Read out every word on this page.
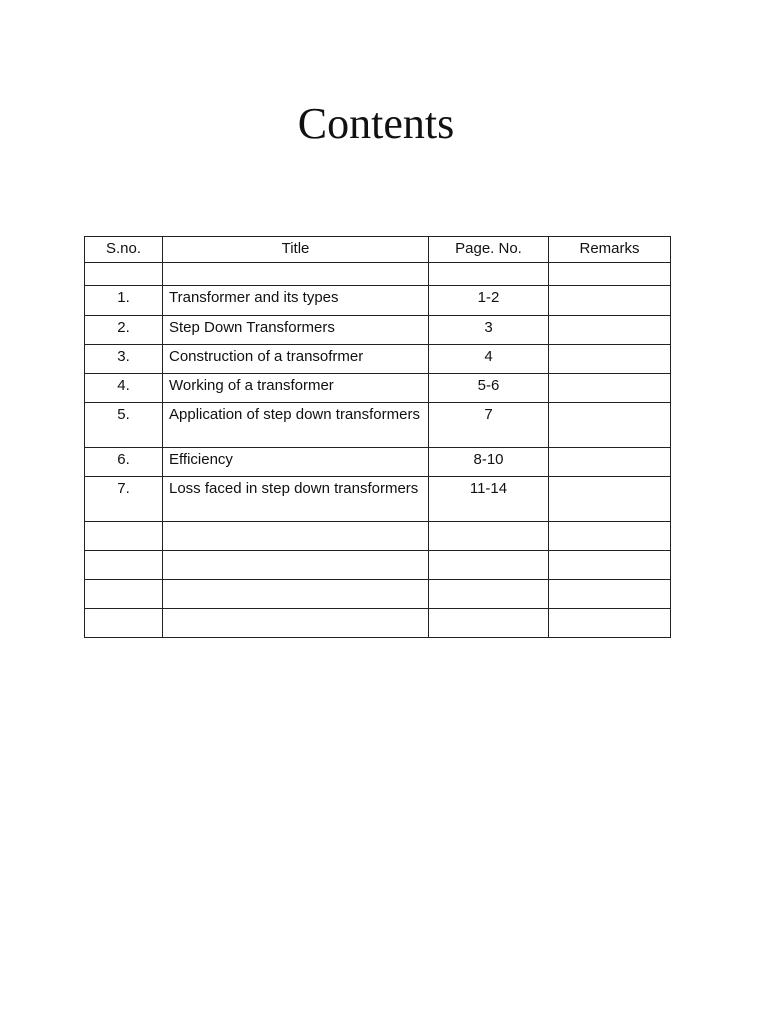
Contents
S.no.	Title	Page. No.	Remarks

1.	Transformer and its types	1-2	
2.	Step Down Transformers	3	
3.	Construction of a transofrmer	4	
4.	Working of a transformer	5-6	
5.	Application of step down transformers	7	
6.	Efficiency	8-10	
7.	Loss faced in step down transformers	11-14	
